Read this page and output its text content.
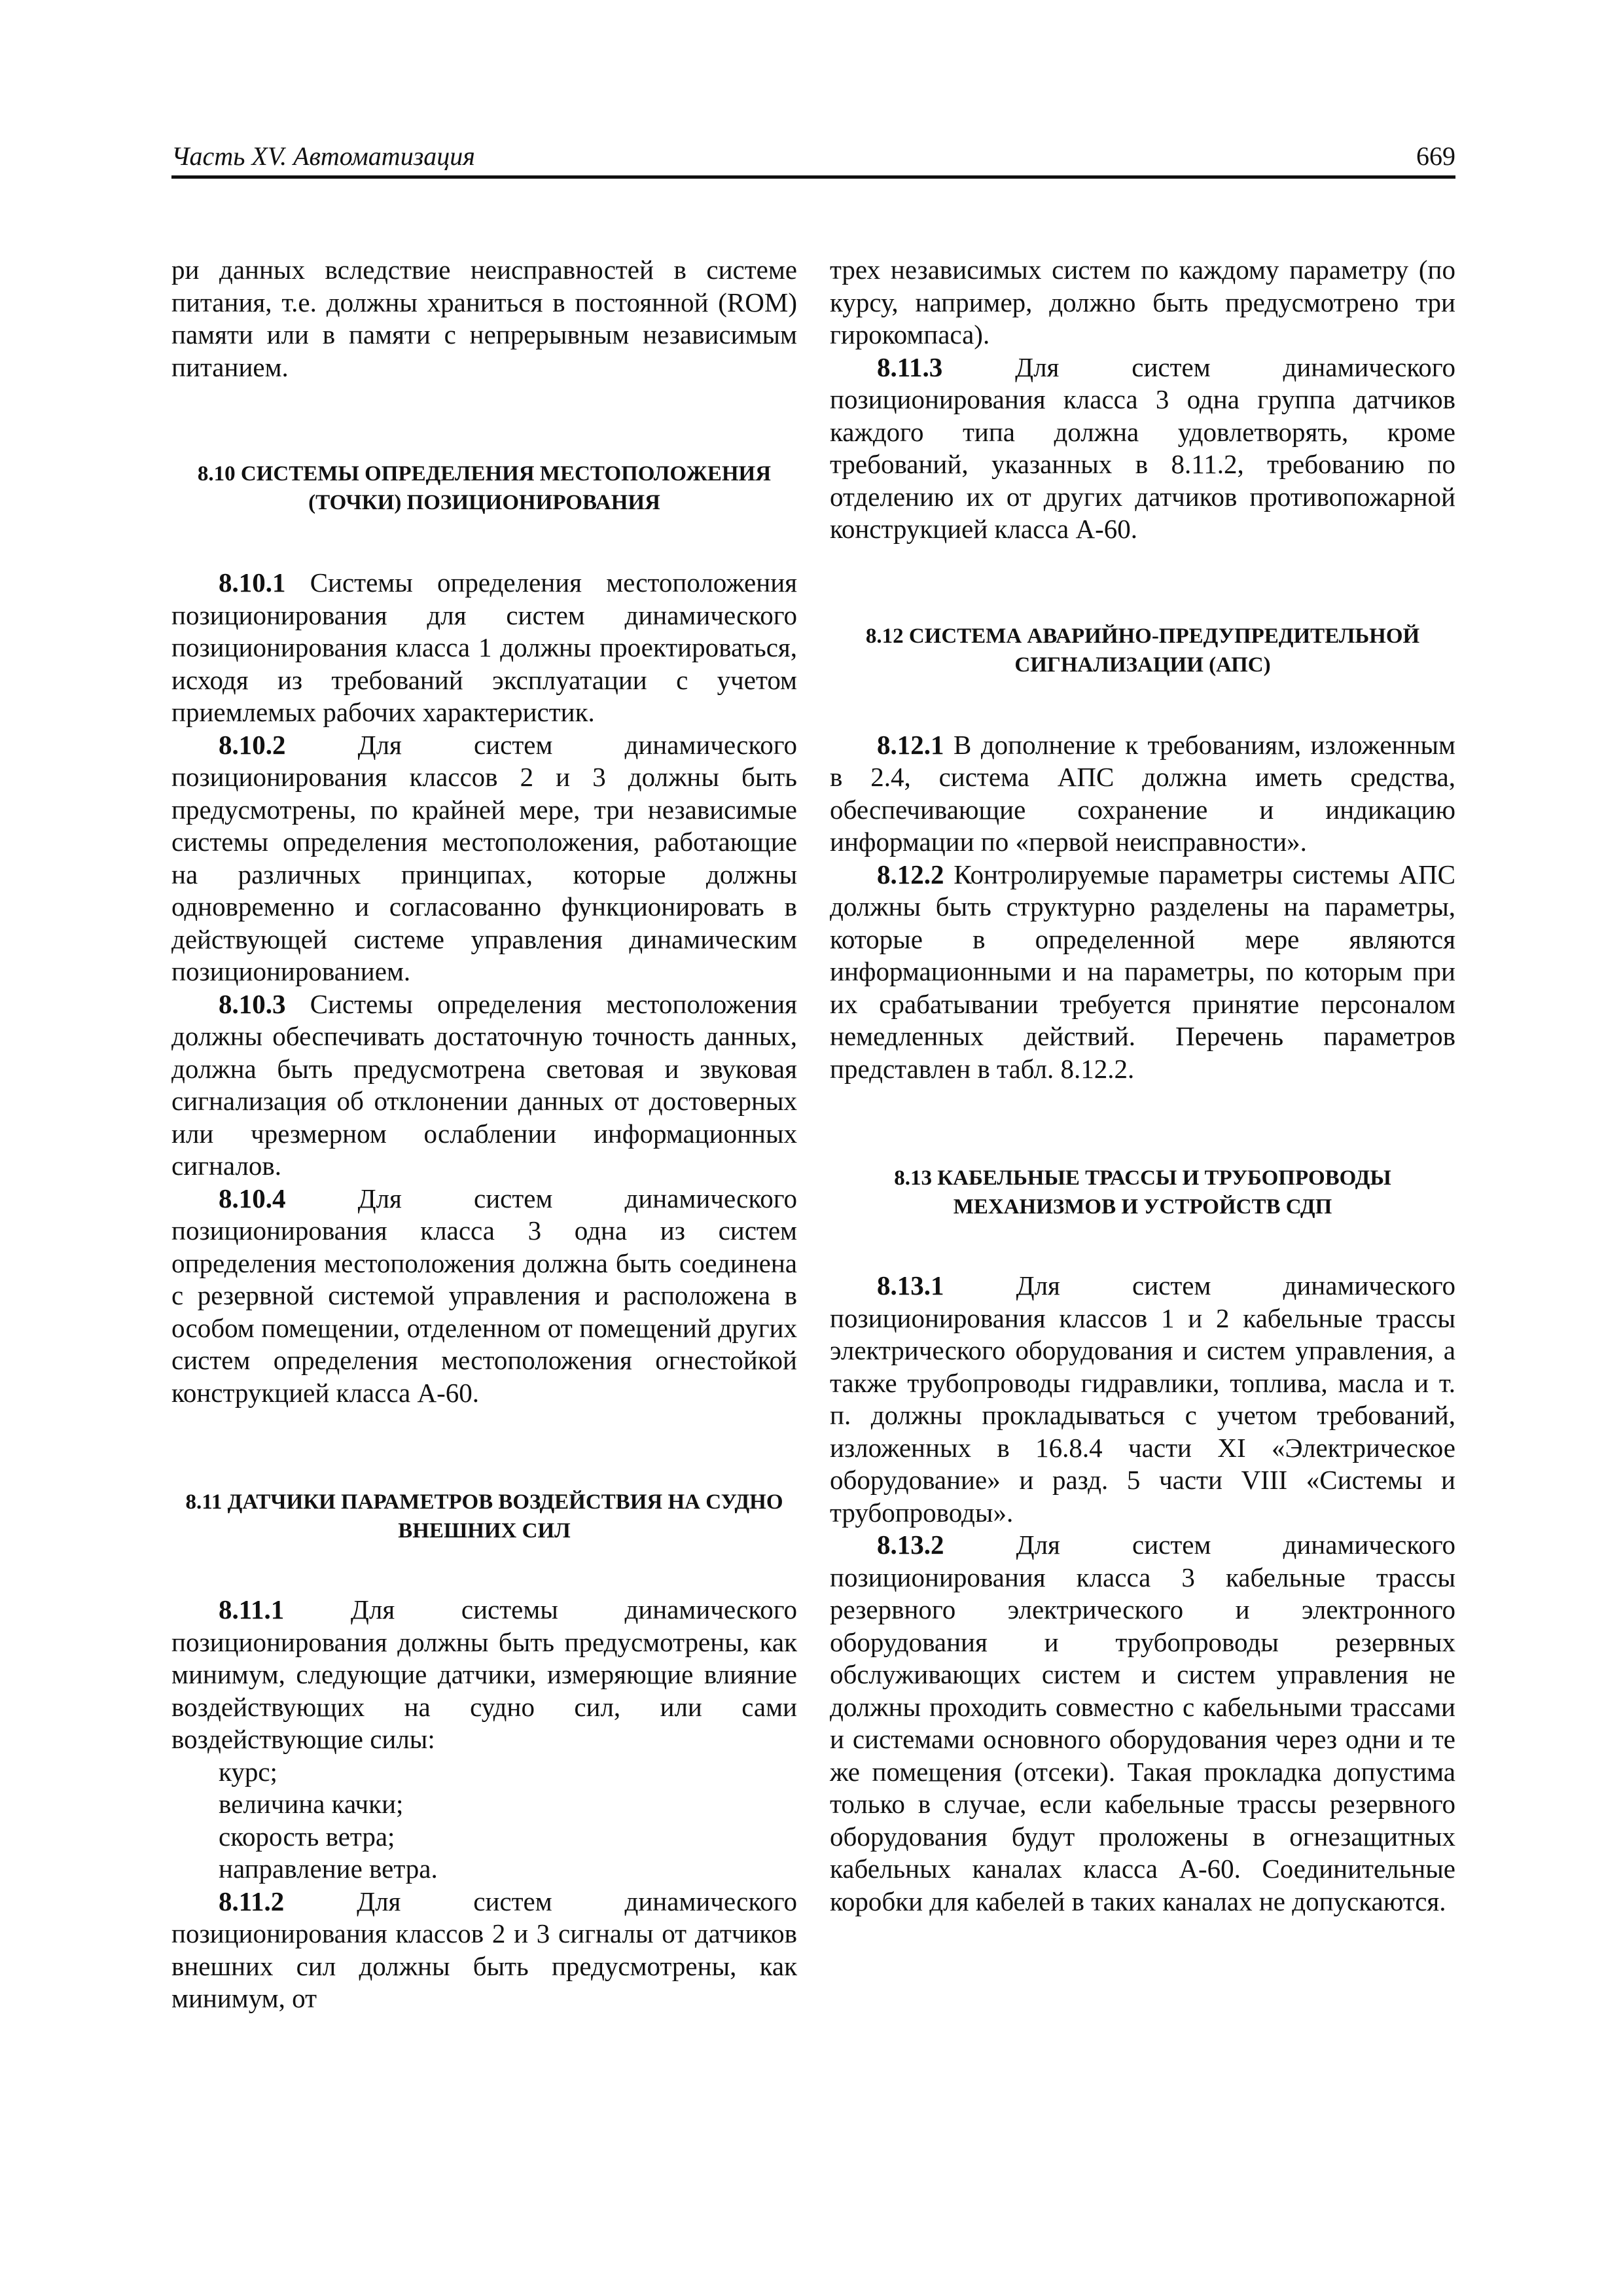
Часть XV. Автоматизация	669

ри данных вследствие неисправностей в системе питания, т.е. должны храниться в постоянной (ROM) памяти или в памяти с непрерывным независимым питанием.

8.10 СИСТЕМЫ ОПРЕДЕЛЕНИЯ МЕСТОПОЛОЖЕНИЯ (ТОЧКИ) ПОЗИЦИОНИРОВАНИЯ

8.10.1 Системы определения местоположения позиционирования для систем динамического позиционирования класса 1 должны проектироваться, исходя из требований эксплуатации с учетом приемлемых рабочих характеристик.

8.10.2	Для систем динамического позиционирования классов 2 и 3 должны быть предусмотрены, по крайней мере, три независимые системы определения местоположения, работающие на различных принципах, которые должны одновременно и согласованно функционировать в действующей системе управления динамическим позиционированием.

8.10.3 Системы определения местоположения должны обеспечивать достаточную точность данных, должна быть предусмотрена световая и звуковая сигнализация об отклонении данных от достоверных или чрезмерном ослаблении информационных сигналов.

8.10.4	Для систем динамического позиционирования класса 3 одна из систем определения местоположения должна быть соединена с резервной системой управления и расположена в особом помещении, отделенном от помещений других систем определения местоположения огнестойкой конструкцией класса А-60.

8.11 ДАТЧИКИ ПАРАМЕТРОВ ВОЗДЕЙСТВИЯ НА СУДНО ВНЕШНИХ СИЛ

8.11.1 Для системы динамического позиционирования должны быть предусмотрены, как минимум, следующие датчики, измеряющие влияние воздействующих на судно сил, или сами воздействующие силы:

курс;

величина качки;

скорость ветра;

направление ветра.

8.11.2	Для систем динамического позиционирования классов 2 и 3 сигналы от датчиков внешних сил должны быть предусмотрены, как минимум, от

трех независимых систем по каждому параметру (по курсу, например, должно быть предусмотрено три гирокомпаса).

8.11.3	Для систем динамического позиционирования класса 3 одна группа датчиков каждого типа должна удовлетворять, кроме требований, указанных в 8.11.2, требованию по отделению их от других датчиков противопожарной конструкцией класса А-60.

8.12 СИСТЕМА АВАРИЙНО-ПРЕДУПРЕДИТЕЛЬНОЙ СИГНАЛИЗАЦИИ (АПС)

8.12.1 В дополнение к требованиям, изложенным в 2.4, система АПС должна иметь средства, обеспечивающие сохранение и индикацию информации по «первой неисправности».

8.12.2 Контролируемые параметры системы АПС должны быть структурно разделены на параметры, которые в определенной мере являются информационными и на параметры, по которым при их срабатывании требуется принятие персоналом немедленных действий. Перечень параметров представлен в табл. 8.12.2.

8.13 КАБЕЛЬНЫЕ ТРАССЫ И ТРУБОПРОВОДЫ МЕХАНИЗМОВ И УСТРОЙСТВ СДП

8.13.1	Для систем динамического позиционирования классов 1 и 2 кабельные трассы электрического оборудования и систем управления, а также трубопроводы гидравлики, топлива, масла и т. п. должны прокладываться с учетом требований, изложенных в 16.8.4 части XI «Электрическое оборудование» и разд. 5 части VIII «Системы и трубопроводы».

8.13.2	Для систем динамического позиционирования класса 3 кабельные трассы резервного электрического и электронного оборудования и трубопроводы резервных обслуживающих систем и систем управления не должны проходить совместно с кабельными трассами и системами основного оборудования через одни и те же помещения (отсеки). Такая прокладка допустима только в случае, если кабельные трассы резервного оборудования будут проложены в огнезащитных кабельных каналах класса А-60. Соединительные коробки для кабелей в таких каналах не допускаются.
